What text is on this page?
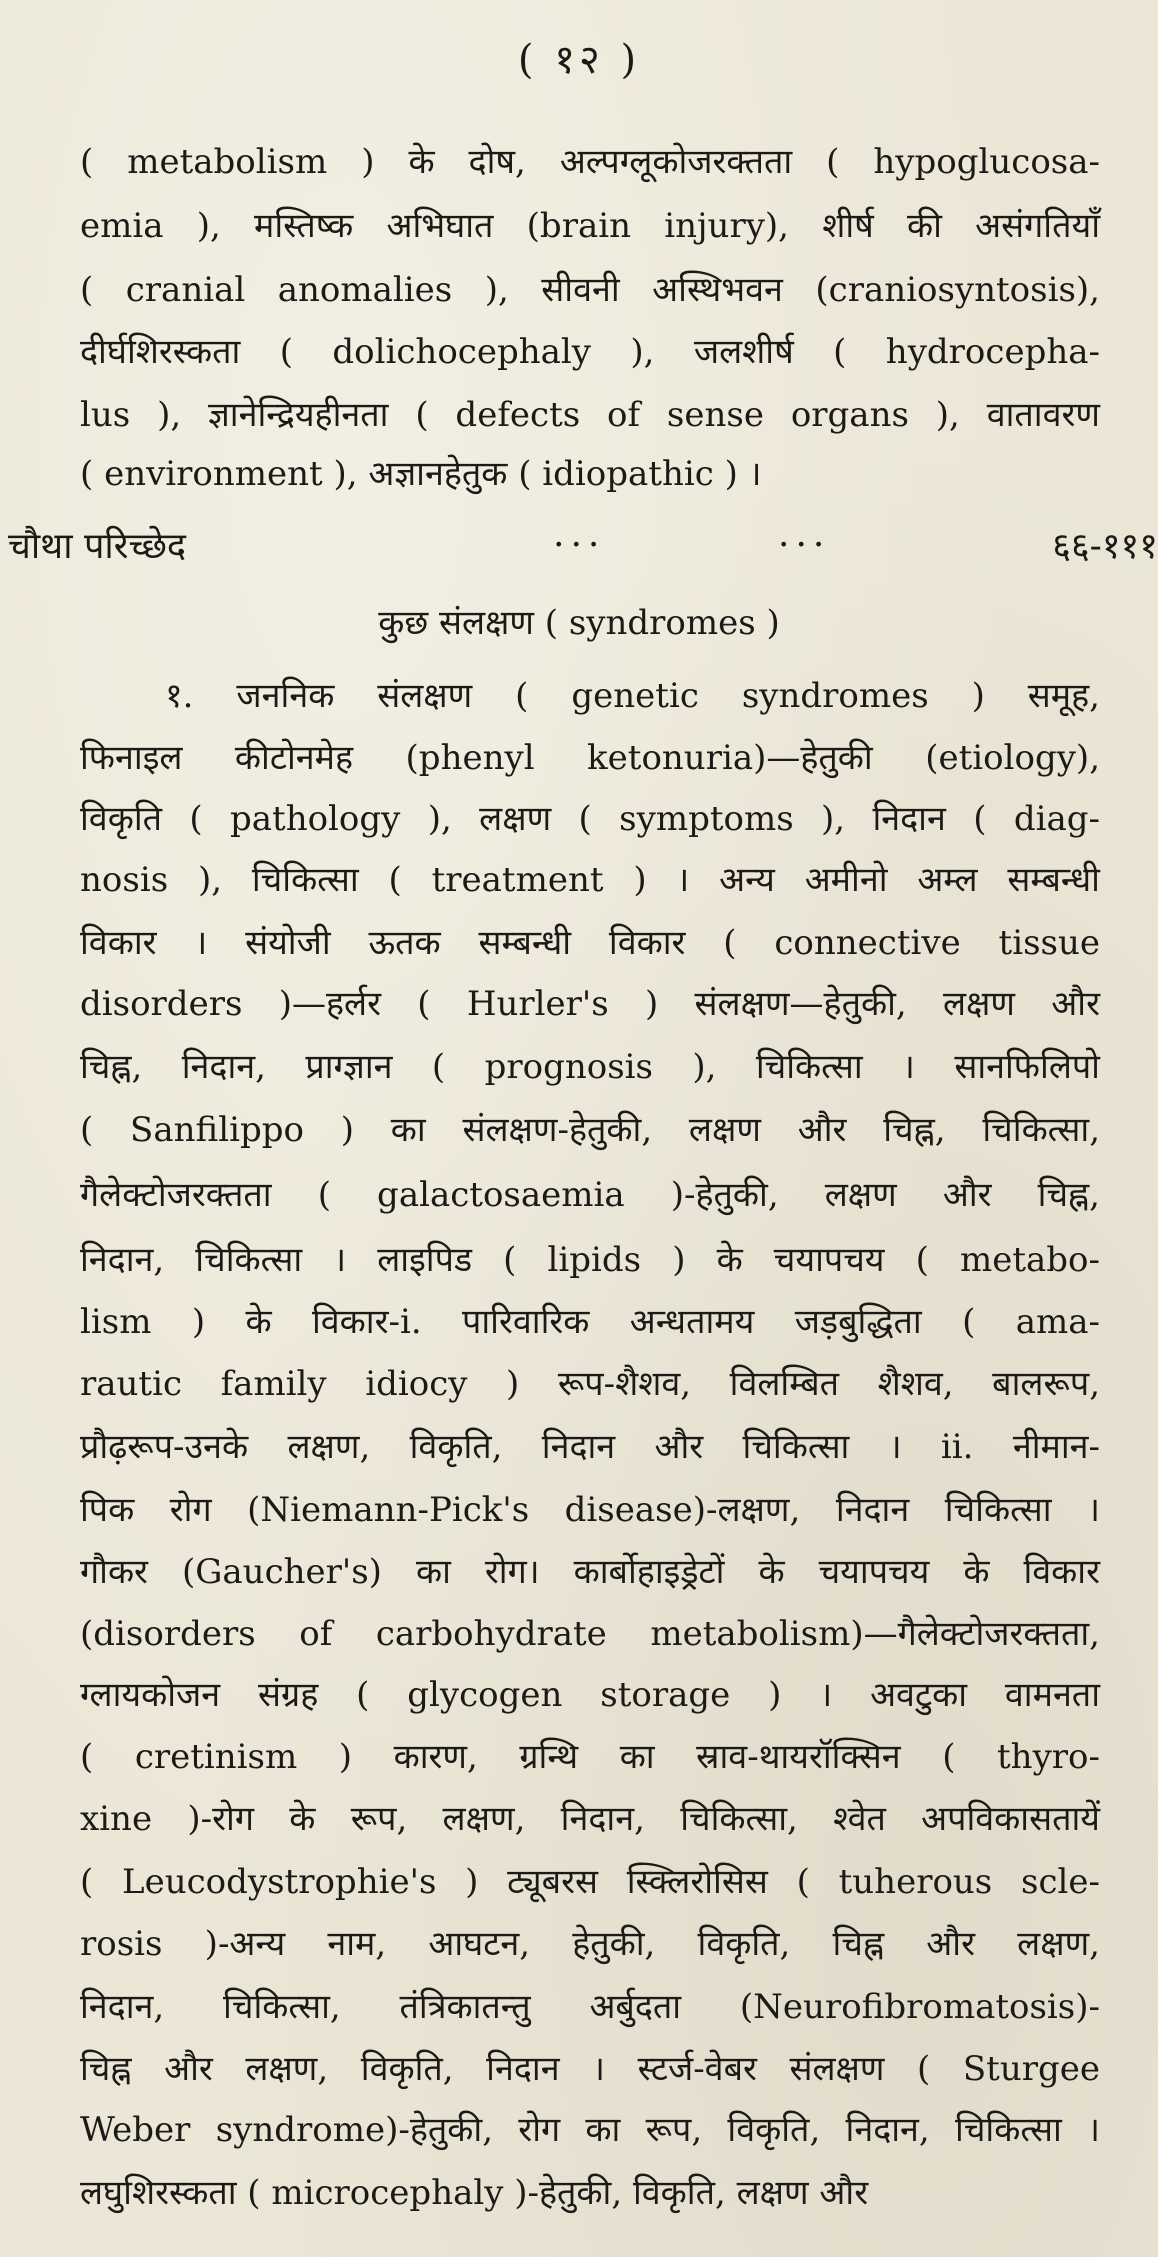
( १२ )
( metabolism ) के दोष, अल्पग्लूकोजरक्तता ( hypoglucosa-
emia ), मस्तिष्क अभिघात (brain injury), शीर्ष की असंगतियाँ
( cranial anomalies ), सीवनी अस्थिभवन (craniosyntosis),
दीर्घशिरस्कता ( dolichocephaly ), जलशीर्ष ( hydrocepha-
lus ), ज्ञानेन्द्रियहीनता ( defects of sense organs ), वातावरण
( environment ), अज्ञानहेतुक ( idiopathic ) ।
चौथा परिच्छेद	...	...	६६-१११
कुछ संलक्षण ( syndromes )
१. जननिक संलक्षण ( genetic syndromes ) समूह,
फिनाइल कीटोनमेह (phenyl ketonuria)—हेतुकी (etiology),
विकृति ( pathology ), लक्षण ( symptoms ), निदान ( diag-
nosis ), चिकित्सा ( treatment ) । अन्य अमीनो अम्ल सम्बन्धी
विकार । संयोजी ऊतक सम्बन्धी विकार ( connective tissue
disorders )—हर्लर ( Hurler's ) संलक्षण—हेतुकी, लक्षण और
चिह्न, निदान, प्राग्ज्ञान ( prognosis ), चिकित्सा । सानफिलिपो
( Sanfilippo ) का संलक्षण-हेतुकी, लक्षण और चिह्न, चिकित्सा,
गैलेक्टोजरक्तता ( galactosaemia )-हेतुकी, लक्षण और चिह्न,
निदान, चिकित्सा । लाइपिड ( lipids ) के चयापचय ( metabo-
lism ) के विकार-i. पारिवारिक अन्धतामय जड़बुद्धिता ( ama-
rautic family idiocy ) रूप-शैशव, विलम्बित शैशव, बालरूप,
प्रौढ़रूप-उनके लक्षण, विकृति, निदान और चिकित्सा । ii. नीमान-
पिक रोग (Niemann-Pick's disease)-लक्षण, निदान चिकित्सा ।
गौकर (Gaucher's) का रोग। कार्बोहाइड्रेटों के चयापचय के विकार
(disorders of carbohydrate metabolism)—गैलेक्टोजरक्तता,
ग्लायकोजन संग्रह ( glycogen storage ) । अवटुका वामनता
( cretinism ) कारण, ग्रन्थि का स्राव-थायरॉक्सिन ( thyro-
xine )-रोग के रूप, लक्षण, निदान, चिकित्सा, श्वेत अपविकासतायें
( Leucodystrophie's ) ट्यूबरस स्क्लिरोसिस ( tuherous scle-
rosis )-अन्य नाम, आघटन, हेतुकी, विकृति, चिह्न और लक्षण,
निदान, चिकित्सा, तंत्रिकातन्तु अर्बुदता (Neurofibromatosis)-
चिह्न और लक्षण, विकृति, निदान । स्टर्ज-वेबर संलक्षण ( Sturgee
Weber syndrome)-हेतुकी, रोग का रूप, विकृति, निदान, चिकित्सा ।
लघुशिरस्कता ( microcephaly )-हेतुकी, विकृति, लक्षण और
